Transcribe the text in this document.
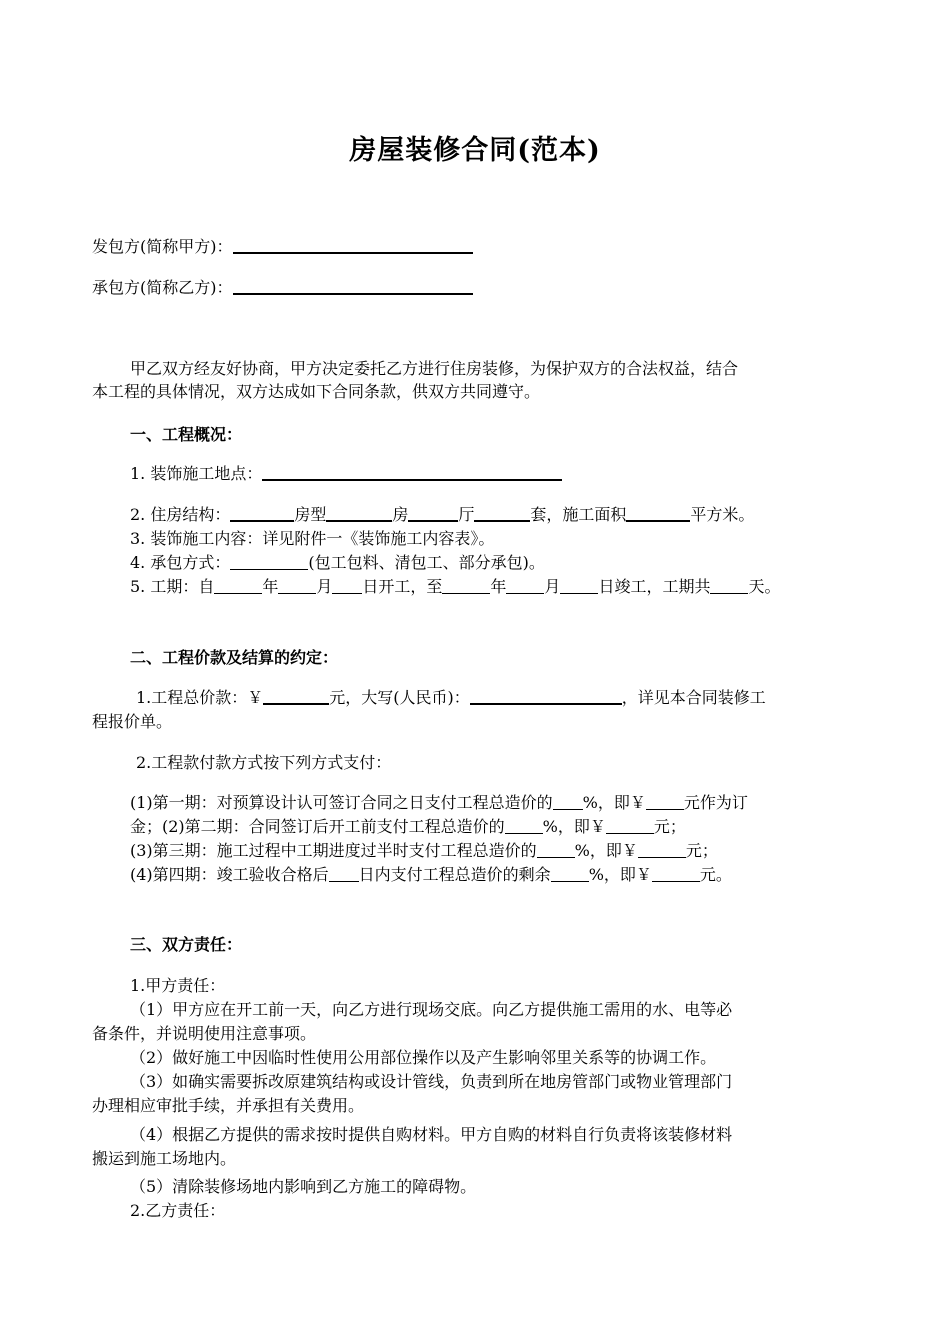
房屋装修合同(范本)
发包方(简称甲方)：
承包方(简称乙方)：
甲乙双方经友好协商，甲方决定委托乙方进行住房装修，为保护双方的合法权益，结合
本工程的具体情况，双方达成如下合同条款，供双方共同遵守。
一、工程概况：
1. 装饰施工地点：
2. 住房结构：	房型	房	厅	套，施工面积	平方米。
3. 装饰施工内容：详见附件一《装饰施工内容表》。
4. 承包方式：	(包工包料、清包工、部分承包)。
5. 工期：自	年 月 日开工，至	年 月 日竣工，工期共 天。
二、工程价款及结算的约定：
1.工程总价款：￥	元，大写(人民币)：	，详见本合同装修工
程报价单。
2.工程款付款方式按下列方式支付：
(1)第一期：对预算设计认可签订合同之日支付工程总造价的 %，即￥ 元作为订
金；(2)第二期：合同签订后开工前支付工程总造价的 %，即￥	元；
(3)第三期：施工过程中工期进度过半时支付工程总造价的 %，即￥	元；
(4)第四期：竣工验收合格后 日内支付工程总造价的剩余 %，即￥	元。
三、双方责任：
1.甲方责任：
（1）甲方应在开工前一天，向乙方进行现场交底。向乙方提供施工需用的水、电等必
备条件，并说明使用注意事项。
（2）做好施工中因临时性使用公用部位操作以及产生影响邻里关系等的协调工作。
（3）如确实需要拆改原建筑结构或设计管线，负责到所在地房管部门或物业管理部门
办理相应审批手续，并承担有关费用。
（4）根据乙方提供的需求按时提供自购材料。甲方自购的材料自行负责将该装修材料
搬运到施工场地内。
（5）清除装修场地内影响到乙方施工的障碍物。
2.乙方责任：
